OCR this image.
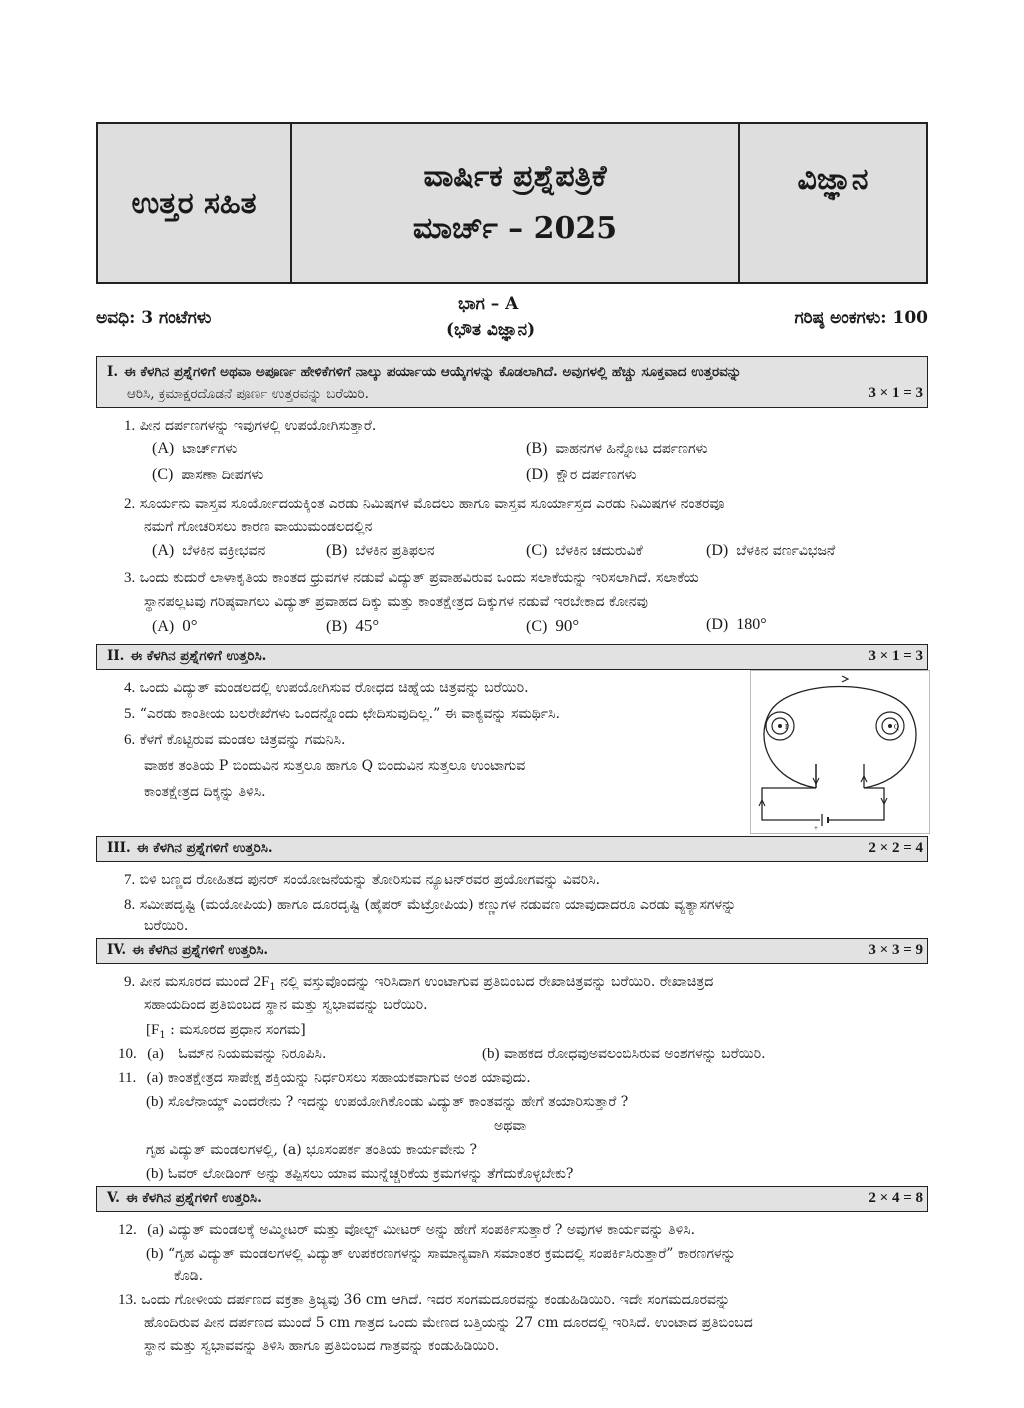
ಉತ್ತರ ಸಹಿತ
ವಾರ್ಷಿಕ ಪ್ರಶ್ನೆಪತ್ರಿಕೆ
ಮಾರ್ಚ್ – 2025
ವಿಜ್ಞಾನ
ಅವಧಿ: 3 ಗಂಟೆಗಳು
ಭಾಗ – A
(ಭೌತ ವಿಜ್ಞಾನ)
ಗರಿಷ್ಠ ಅಂಕಗಳು: 100
I. ಈ ಕೆಳಗಿನ ಪ್ರಶ್ನೆಗಳಿಗೆ ಅಥವಾ ಅಪೂರ್ಣ ಹೇಳಿಕೆಗಳಿಗೆ ನಾಲ್ಕು ಪರ್ಯಾಯ ಆಯ್ಕೆಗಳನ್ನು ಕೊಡಲಾಗಿದೆ. ಅವುಗಳಲ್ಲಿ ಹೆಚ್ಚು ಸೂಕ್ತವಾದ ಉತ್ತರವನ್ನು
ಆರಿಸಿ, ಕ್ರಮಾಕ್ಷರದೊಡನೆ ಪೂರ್ಣ ಉತ್ತರವನ್ನು ಬರೆಯಿರಿ.	3 × 1 = 3
1. ಪೀನ ದರ್ಪಣಗಳನ್ನು ಇವುಗಳಲ್ಲಿ ಉಪಯೋಗಿಸುತ್ತಾರೆ.
(A) ಟಾರ್ಚ್‌ಗಳು	(B) ವಾಹನಗಳ ಹಿನ್ನೋಟ ದರ್ಪಣಗಳು
(C) ಪಾಸಣಾ ದೀಪಗಳು	(D) ಕ್ಷೌರ ದರ್ಪಣಗಳು
2. ಸೂರ್ಯನು ವಾಸ್ತವ ಸೂರ್ಯೋದಯಕ್ಕಿಂತ ಎರಡು ನಿಮಿಷಗಳ ಮೊದಲು ಹಾಗೂ ವಾಸ್ತವ ಸೂರ್ಯಾಸ್ತದ ಎರಡು ನಿಮಿಷಗಳ ನಂತರವೂ
ನಮಗೆ ಗೋಚರಿಸಲು ಕಾರಣ ವಾಯುಮಂಡಲದಲ್ಲಿನ
(A) ಬೆಳಕಿನ ವಕ್ರೀಭವನ	(B) ಬೆಳಕಿನ ಪ್ರತಿಫಲನ	(C) ಬೆಳಕಿನ ಚದುರುವಿಕೆ	(D) ಬೆಳಕಿನ ವರ್ಣವಿಭಜನೆ
3. ಒಂದು ಕುದುರೆ ಲಾಳಾಕೃತಿಯ ಕಾಂತದ ಧ್ರುವಗಳ ನಡುವೆ ವಿದ್ಯುತ್ ಪ್ರವಾಹವಿರುವ ಒಂದು ಸಲಾಕೆಯನ್ನು ಇರಿಸಲಾಗಿದೆ. ಸಲಾಕೆಯ
ಸ್ಥಾನಪಲ್ಲಟವು ಗರಿಷ್ಠವಾಗಲು ವಿದ್ಯುತ್ ಪ್ರವಾಹದ ದಿಕ್ಕು ಮತ್ತು ಕಾಂತಕ್ಷೇತ್ರದ ದಿಕ್ಕುಗಳ ನಡುವೆ ಇರಬೇಕಾದ ಕೋನವು
(A) 0°	(B) 45°	(C) 90°	(D) 180°
II. ಈ ಕೆಳಗಿನ ಪ್ರಶ್ನೆಗಳಿಗೆ ಉತ್ತರಿಸಿ.	3 × 1 = 3
4. ಒಂದು ವಿದ್ಯುತ್ ಮಂಡಲದಲ್ಲಿ ಉಪಯೋಗಿಸುವ ರೋಧದ ಚಿಹ್ನೆಯ ಚಿತ್ರವನ್ನು ಬರೆಯಿರಿ.
5. “ಎರಡು ಕಾಂತೀಯ ಬಲರೇಖೆಗಳು ಒಂದನ್ನೊಂದು ಛೇದಿಸುವುದಿಲ್ಲ.” ಈ ವಾಕ್ಯವನ್ನು ಸಮರ್ಥಿಸಿ.
6. ಕೆಳಗೆ ಕೊಟ್ಟಿರುವ ಮಂಡಲ ಚಿತ್ರವನ್ನು ಗಮನಿಸಿ.
ವಾಹಕ ತಂತಿಯ P ಬಿಂದುವಿನ ಸುತ್ತಲೂ ಹಾಗೂ Q ಬಿಂದುವಿನ ಸುತ್ತಲೂ ಉಂಟಾಗುವ
ಕಾಂತಕ್ಷೇತ್ರದ ದಿಕ್ಕನ್ನು ತಿಳಿಸಿ.
P	Q
+
III. ಈ ಕೆಳಗಿನ ಪ್ರಶ್ನೆಗಳಿಗೆ ಉತ್ತರಿಸಿ.	2 × 2 = 4
7. ಬಿಳಿ ಬಣ್ಣದ ರೋಹಿತದ ಪುನರ್ ಸಂಯೋಜನೆಯನ್ನು ತೋರಿಸುವ ನ್ಯೂಟನ್‌ರವರ ಪ್ರಯೋಗವನ್ನು ವಿವರಿಸಿ.
8. ಸಮೀಪದೃಷ್ಟಿ (ಮಯೋಪಿಯ) ಹಾಗೂ ದೂರದೃಷ್ಟಿ (ಹೈಪರ್ ಮೆಟ್ರೋಪಿಯ) ಕಣ್ಣುಗಳ ನಡುವಣ ಯಾವುದಾದರೂ ಎರಡು ವ್ಯತ್ಯಾಸಗಳನ್ನು
ಬರೆಯಿರಿ.
IV. ಈ ಕೆಳಗಿನ ಪ್ರಶ್ನೆಗಳಿಗೆ ಉತ್ತರಿಸಿ.	3 × 3 = 9
9. ಪೀನ ಮಸೂರದ ಮುಂದೆ $2F_1$ ನಲ್ಲಿ ವಸ್ತುವೊಂದನ್ನು ಇರಿಸಿದಾಗ ಉಂಟಾಗುವ ಪ್ರತಿಬಿಂಬದ ರೇಖಾಚಿತ್ರವನ್ನು ಬರೆಯಿರಿ. ರೇಖಾಚಿತ್ರದ
ಸಹಾಯದಿಂದ ಪ್ರತಿಬಿಂಬದ ಸ್ಥಾನ ಮತ್ತು ಸ್ವಭಾವವನ್ನು ಬರೆಯಿರಿ.
[$F_1$ : ಮಸೂರದ ಪ್ರಧಾನ ಸಂಗಮ]
10. (a) ಓಮ್‌ನ ನಿಯಮವನ್ನು ನಿರೂಪಿಸಿ.	(b) ವಾಹಕದ ರೋಧವುಅವಲಂಬಿಸಿರುವ ಅಂಶಗಳನ್ನು ಬರೆಯಿರಿ.
11. (a) ಕಾಂತಕ್ಷೇತ್ರದ ಸಾಪೇಕ್ಷ ಶಕ್ತಿಯನ್ನು ನಿರ್ಧರಿಸಲು ಸಹಾಯಕವಾಗುವ ಅಂಶ ಯಾವುದು.
(b) ಸೊಲೆನಾಯ್ಡ್ ಎಂದರೇನು ? ಇದನ್ನು ಉಪಯೋಗಿಕೊಂಡು ವಿದ್ಯುತ್ ಕಾಂತವನ್ನು ಹೇಗೆ ತಯಾರಿಸುತ್ತಾರೆ ?
ಅಥವಾ
ಗೃಹ ವಿದ್ಯುತ್ ಮಂಡಲಗಳಲ್ಲಿ, (a) ಭೂಸಂಪರ್ಕ ತಂತಿಯ ಕಾರ್ಯವೇನು ?
(b) ಓವರ್ ಲೋಡಿಂಗ್ ಅನ್ನು ತಪ್ಪಿಸಲು ಯಾವ ಮುನ್ನೆಚ್ಚರಿಕೆಯ ಕ್ರಮಗಳನ್ನು ತೆಗೆದುಕೊಳ್ಳಬೇಕು?
V. ಈ ಕೆಳಗಿನ ಪ್ರಶ್ನೆಗಳಿಗೆ ಉತ್ತರಿಸಿ.	2 × 4 = 8
12. (a) ವಿದ್ಯುತ್ ಮಂಡಲಕ್ಕೆ ಅಮ್ಮೀಟರ್ ಮತ್ತು ವೋಲ್ಟ್ ಮೀಟರ್ ಅನ್ನು ಹೇಗೆ ಸಂಪರ್ಕಿಸುತ್ತಾರೆ ? ಅವುಗಳ ಕಾರ್ಯವನ್ನು ತಿಳಿಸಿ.
(b) “ಗೃಹ ವಿದ್ಯುತ್ ಮಂಡಲಗಳಲ್ಲಿ ವಿದ್ಯುತ್ ಉಪಕರಣಗಳನ್ನು ಸಾಮಾನ್ಯವಾಗಿ ಸಮಾಂತರ ಕ್ರಮದಲ್ಲಿ ಸಂಪರ್ಕಿಸಿರುತ್ತಾರೆ” ಕಾರಣಗಳನ್ನು
ಕೊಡಿ.
13. ಒಂದು ಗೋಳೀಯ ದರ್ಪಣದ ವಕ್ರತಾ ತ್ರಿಜ್ಯವು 36 cm ಆಗಿದೆ. ಇದರ ಸಂಗಮದೂರವನ್ನು ಕಂಡುಹಿಡಿಯಿರಿ. ಇದೇ ಸಂಗಮದೂರವನ್ನು
ಹೊಂದಿರುವ ಪೀನ ದರ್ಪಣದ ಮುಂದೆ 5 cm ಗಾತ್ರದ ಒಂದು ಮೇಣದ ಬತ್ತಿಯನ್ನು 27 cm ದೂರದಲ್ಲಿ ಇರಿಸಿದೆ. ಉಂಟಾದ ಪ್ರತಿಬಿಂಬದ
ಸ್ಥಾನ ಮತ್ತು ಸ್ವಭಾವವನ್ನು ತಿಳಿಸಿ ಹಾಗೂ ಪ್ರತಿಬಿಂಬದ ಗಾತ್ರವನ್ನು ಕಂಡುಹಿಡಿಯಿರಿ.
